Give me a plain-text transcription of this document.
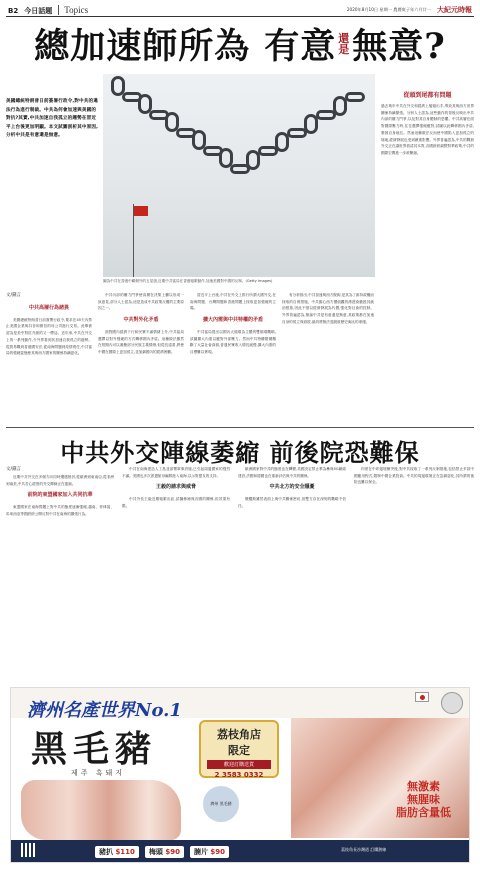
B2 今日話題	Topics	2020年8月10日 星期一 農曆庚子年六月廿一 大紀元時報
總加速師所為 有意 還
是 無意?
美國總統特朗普日前簽署行政令,對中共的違法行為進行制裁。中共為何會加速與美國的對抗?其實,中共加速自我孤立的趨勢在習近平上台後更加明顯。本文試圖剖析其中原因,分析中共是有意還是無意。
圖為中共在香港中聯辦外的五星旗,近期中共當局在香港頻繁動作,加速美國對中國的反制。(Getty Images)
從頭到尾都有問題
過去幾年中共在外交和經濟上頻頻出手,導致其與西方世界關係持續緊張。分析人士認為,這些動作的背後反映出中共內部的權力鬥爭,以及對其自身體制的恐懼。中共高層在面對國際壓力時,往往選擇強硬應對,試圖以此轉移國內矛盾,鞏固自身地位。然而這種做法反而使中國陷入更加孤立的境地,經濟發展也受到嚴重影響。外界普遍認為,中共的戰狼外交正在讓世界看清其本質,各國紛紛調整對華政策,中共的國際空間進一步被壓縮。
文/錢言
中共高層行為諸異

美國總統特朗普日前簽署行政令,要求在45天內禁止美國企業與抖音和微信的母公司進行交易。此舉被認為是美中對抗升級的又一標誌。近年來,中共在外交上的一系列動作,令外界看到其加速自我孤立的趨勢。從貿易戰到香港國安法,從南海問題到疫情責任,中共當局的強硬姿態使其與西方國家的關係持續惡化。

中共內部的權力鬥爭使高層在決策上難以形成一致意見,部分人士認為,這是造成中共政策反覆的主要原因之一。

中共對外化矛盾

面對國內經濟下行和民眾不滿情緒上升,中共當局選擇以對外強硬的方式轉移國內矛盾。這種做法雖然在短期內可以凝聚部分民族主義情緒,但從長遠看,將使中國在國際上更加孤立,並加劇國內的經濟困難。

習近平上台後,中共在外交上推行所謂大國外交,在南海問題、台灣問題和香港問題上採取更加強硬的立場。

擴大內需與中共特權的矛盾

中共當局提出以國內大循環為主體的雙循環戰略,試圖擴大內需以應對外部壓力。然而中共特權階層壟斷了大量社會資源,普通民眾收入增長緩慢,擴大內需的目標難以實現。

有分析指出,中共加速與西方脫鉤,是其為了維持政權而採取的自保措施。中共擔心西方價值觀的滲透會動搖其統治根基,因此不惜以經濟發展為代價,強化對社會的控制。外界普遍認為,無論中共是有意還是無意,其政策都在加速自身的孤立與衰敗,最終將無法逃脫被歷史淘汰的命運。

中共外交陣線萎縮 前後院恐難保
文/錢言

近期中共外交在多個方向同時遭遇挫折,從歐洲到東南亞,從非洲到南美,中共苦心經營的外交陣線正在萎縮。

前院的東盟國家加入共同抗華

東盟國家在南海問題上對中共的態度逐漸強硬,越南、菲律賓、馬來西亞等國紛紛公開反對中共在南海的擴張行為。

中共在南海建造人工島並部署軍事設施,已引起周邊國家的強烈不滿。美國也多次派遣航母編隊進入南海,以示對盟友的支持。

王毅的請求與威脅

中共外長王毅近期頻繁出訪,試圖修補與各國的關係,但效果有限。

歐洲國家對中共的態度也在轉變,英國決定禁止華為參與5G網絡建設,法國和德國也在重新評估與中共的關係。

中共北方的安全隱憂

俄羅斯雖然表面上與中共關係密切,但雙方存在深刻的戰略不信任。

印度在中印邊境衝突後,對中共採取了一系列反制措施,包括禁止多款中國應用程式,限制中國企業投資。中共的周邊環境正在急劇惡化,其所謂的後院也難以保全。

濟州名產世界No.1
黑毛豬
제주 흑돼지
荔枝角店
限定
歡迎訂購送貨
2 3583 0332
濟州 黑毛豬
無激素
無腥味
脂肪含量低
豬扒 $110	梅頭 $90	腩片 $90	荔枝角長沙灣道 訂購熱線
